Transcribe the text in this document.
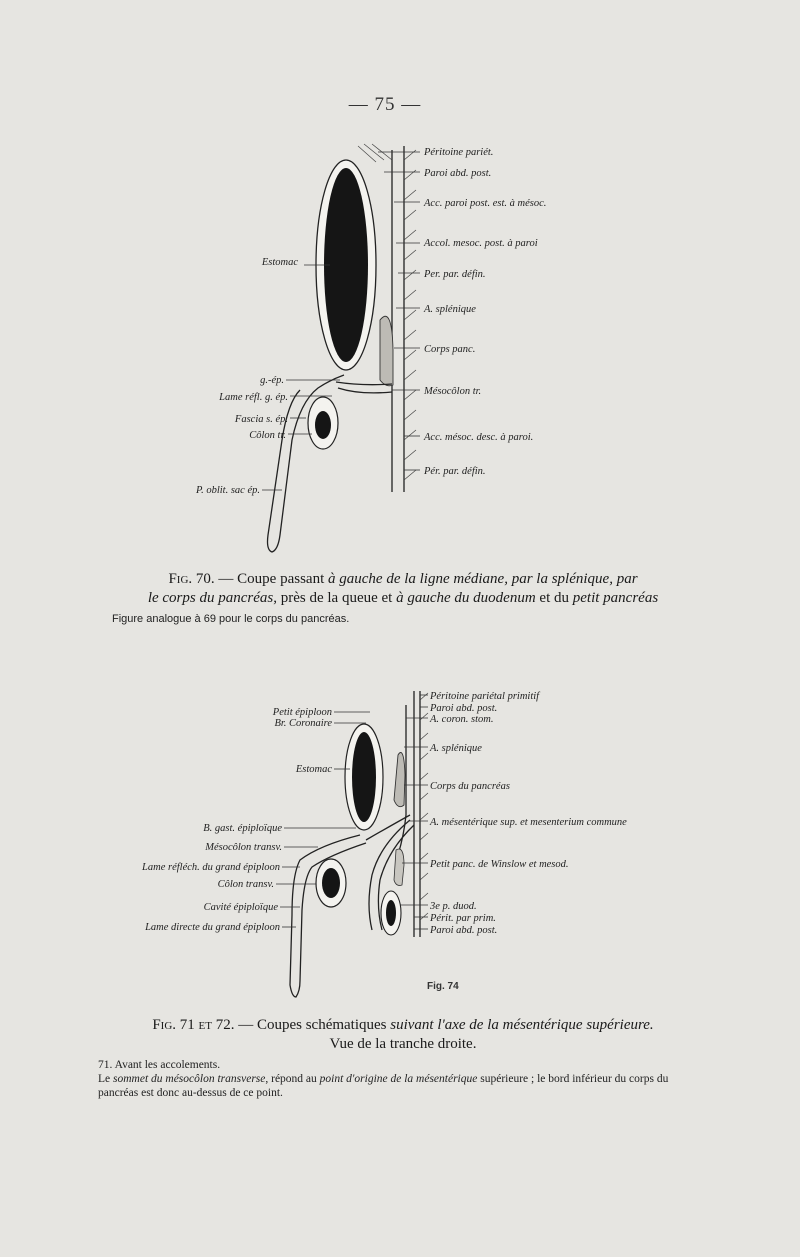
— 75 —
Péritoine pariét.
Paroi abd. post.
Acc. paroi post. est. à mésoc.
Accol. mesoc. post. à paroi
Per. par. défin.
A. splénique
Corps panc.
Mésocôlon tr.
Acc. mésoc. desc. à paroi.
Pér. par. défin.
Estomac
g.-ép.
Lame réfl. g. ép.
Fascia s. ép.
Côlon tr.
P. oblit. sac ép.
Fig. 70. — Coupe passant à gauche de la ligne médiane, par la splénique, par
le corps du pancréas, près de la queue et à gauche du duodenum et du petit pancréas
Figure analogue à 69 pour le corps du pancréas.
Péritoine pariétal primitif
Paroi abd. post.
A. coron. stom.
A. splénique
Corps du pancréas
A. mésentérique sup. et mesenterium commune
Petit panc. de Winslow et mesod.
3e p. duod.
Périt. par prim.
Paroi abd. post.
Petit épiploon
Br. Coronaire
Estomac
B. gast. épiploïque
Mésocôlon transv.
Lame réfléch. du grand épiploon
Côlon transv.
Cavité épiploïque
Lame directe du grand épiploon
Fig. 74
Fig. 71 et 72. — Coupes schématiques suivant l'axe de la mésentérique supérieure.
Vue de la tranche droite.
71. Avant les accolements.
Le sommet du mésocôlon transverse, répond au point d'origine de la mésentérique supérieure ; le bord inférieur du corps du pancréas est donc au-dessus de ce point.
